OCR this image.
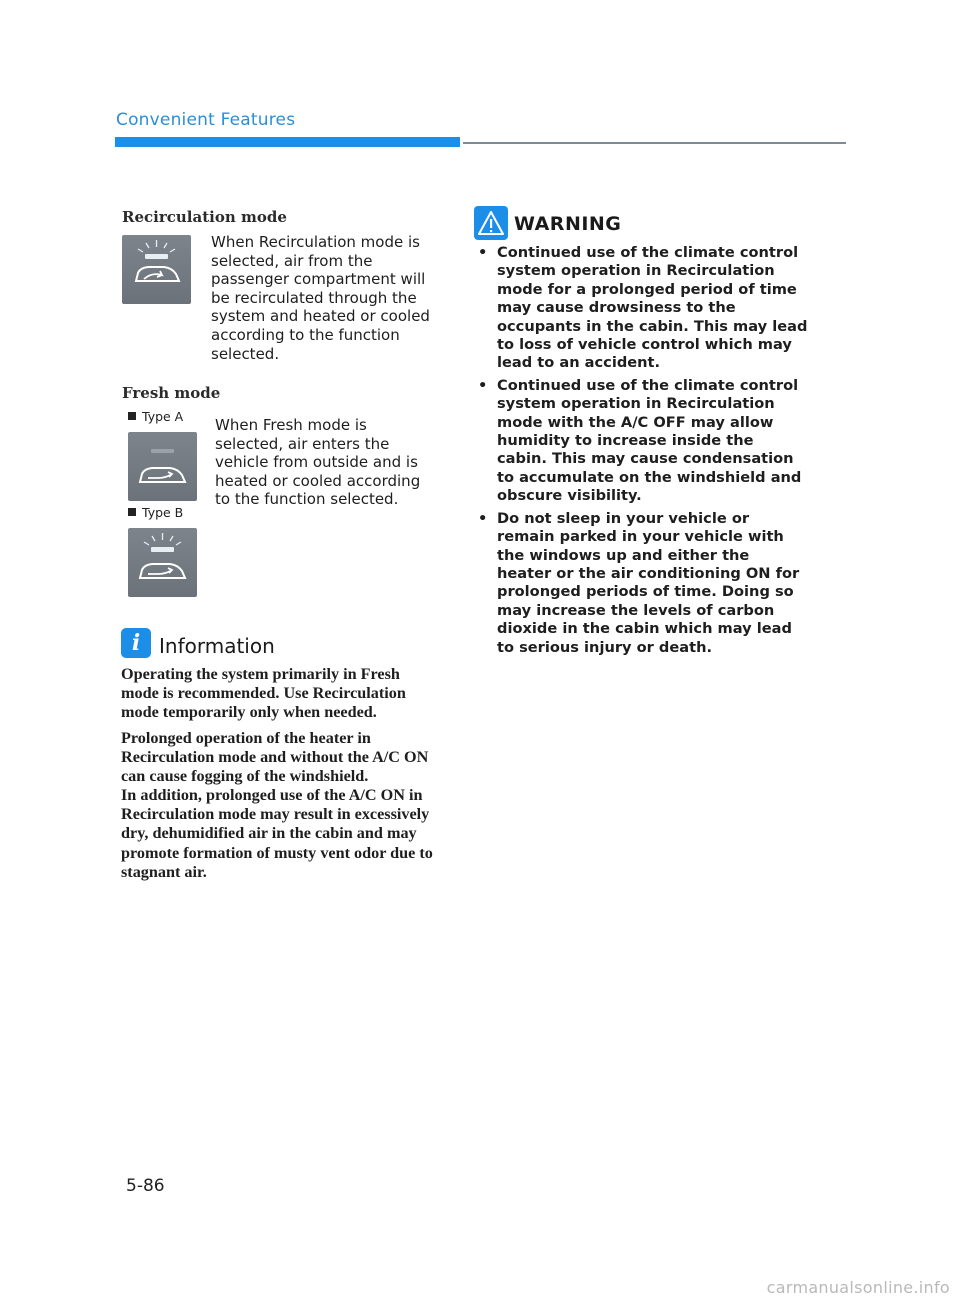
Convenient Features
Recirculation mode
When Recirculation mode is selected, air from the passenger compartment will be recirculated through the system and heated or cooled according to the function selected.
Fresh mode
Type A
Type B
When Fresh mode is selected, air enters the vehicle from outside and is heated or cooled according to the function selected.
i Information
Operating the system primarily in Fresh mode is recommended. Use Recirculation mode temporarily only when needed.
Prolonged operation of the heater in Recirculation mode and without the A/C ON can cause fogging of the windshield.
In addition, prolonged use of the A/C ON in Recirculation mode may result in excessively dry, dehumidified air in the cabin and may promote formation of musty vent odor due to stagnant air.
WARNING
• Continued use of the climate control system operation in Recirculation mode for a prolonged period of time may cause drowsiness to the occupants in the cabin. This may lead to loss of vehicle control which may lead to an accident.
• Continued use of the climate control system operation in Recirculation mode with the A/C OFF may allow humidity to increase inside the cabin. This may cause condensation to accumulate on the windshield and obscure visibility.
• Do not sleep in your vehicle or remain parked in your vehicle with the windows up and either the heater or the air conditioning ON for prolonged periods of time. Doing so may increase the levels of carbon dioxide in the cabin which may lead to serious injury or death.
5-86
carmanualsonline.info
